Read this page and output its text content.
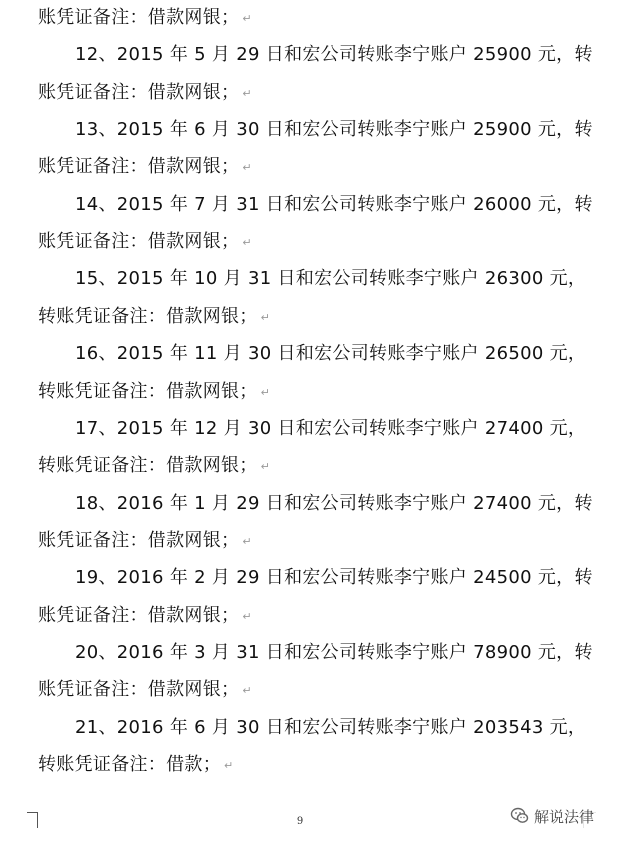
账凭证备注：借款网银； ↵
12、2015 年 5 月 29 日和宏公司转账李宁账户 25900 元，转
账凭证备注：借款网银； ↵
13、2015 年 6 月 30 日和宏公司转账李宁账户 25900 元，转
账凭证备注：借款网银； ↵
14、2015 年 7 月 31 日和宏公司转账李宁账户 26000 元，转
账凭证备注：借款网银； ↵
15、2015 年 10 月 31 日和宏公司转账李宁账户 26300 元，
转账凭证备注：借款网银； ↵
16、2015 年 11 月 30 日和宏公司转账李宁账户 26500 元，
转账凭证备注：借款网银； ↵
17、2015 年 12 月 30 日和宏公司转账李宁账户 27400 元，
转账凭证备注：借款网银； ↵
18、2016 年 1 月 29 日和宏公司转账李宁账户 27400 元，转
账凭证备注：借款网银； ↵
19、2016 年 2 月 29 日和宏公司转账李宁账户 24500 元，转
账凭证备注：借款网银； ↵
20、2016 年 3 月 31 日和宏公司转账李宁账户 78900 元，转
账凭证备注：借款网银； ↵
21、2016 年 6 月 30 日和宏公司转账李宁账户 203543 元，
转账凭证备注：借款； ↵
9	解说法律
